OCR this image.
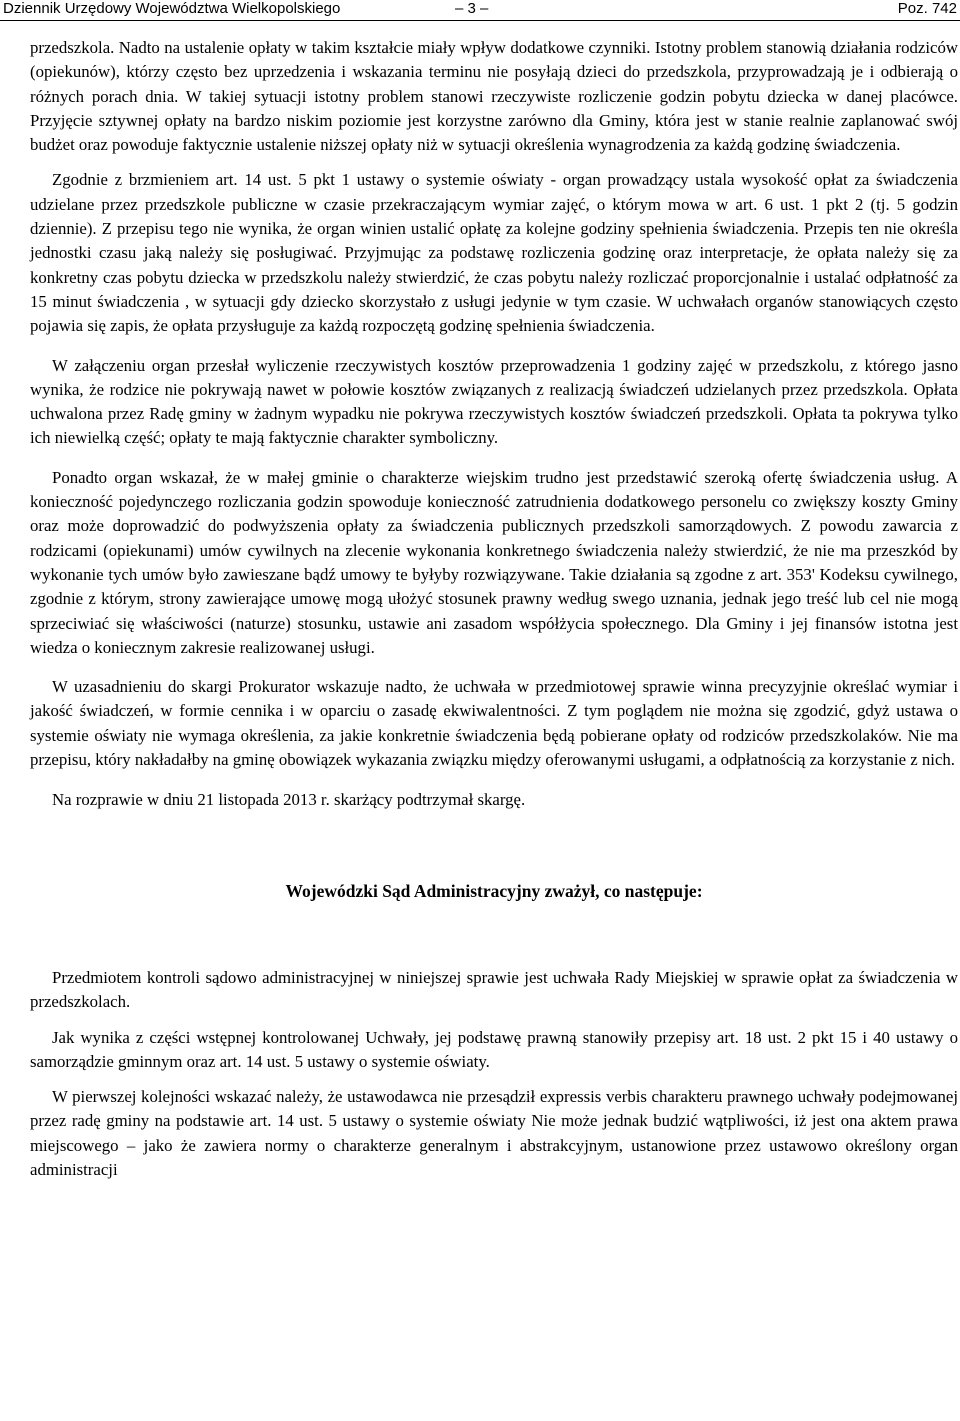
Dziennik Urzędowy Województwa Wielkopolskiego	– 3 –	Poz. 742

przedszkola. Nadto na ustalenie opłaty w takim kształcie miały wpływ dodatkowe czynniki. Istotny problem stanowią działania rodziców (opiekunów), którzy często bez uprzedzenia i wskazania terminu nie posyłają dzieci do przedszkola, przyprowadzają je i odbierają o różnych porach dnia. W takiej sytuacji istotny problem stanowi rzeczywiste rozliczenie godzin pobytu dziecka w danej placówce. Przyjęcie sztywnej opłaty na bardzo niskim poziomie jest korzystne zarówno dla Gminy, która jest w stanie realnie zaplanować swój budżet oraz powoduje faktycznie ustalenie niższej opłaty niż w sytuacji określenia wynagrodzenia za każdą godzinę świadczenia.

Zgodnie z brzmieniem art. 14 ust. 5 pkt 1 ustawy o systemie oświaty - organ prowadzący ustala wysokość opłat za świadczenia udzielane przez przedszkole publiczne w czasie przekraczającym wymiar zajęć, o którym mowa w art. 6 ust. 1 pkt 2 (tj. 5 godzin dziennie). Z przepisu tego nie wynika, że organ winien ustalić opłatę za kolejne godziny spełnienia świadczenia. Przepis ten nie określa jednostki czasu jaką należy się posługiwać. Przyjmując za podstawę rozliczenia godzinę oraz interpretacje, że opłata należy się za konkretny czas pobytu dziecka w przedszkolu należy stwierdzić, że czas pobytu należy rozliczać proporcjonalnie i ustalać odpłatność za 15 minut świadczenia , w sytuacji gdy dziecko skorzystało z usługi jedynie w tym czasie. W uchwałach organów stanowiących często pojawia się zapis, że opłata przysługuje za każdą rozpoczętą godzinę spełnienia świadczenia.

W załączeniu organ przesłał wyliczenie rzeczywistych kosztów przeprowadzenia 1 godziny zajęć w przedszkolu, z którego jasno wynika, że rodzice nie pokrywają nawet w połowie kosztów związanych z realizacją świadczeń udzielanych przez przedszkola. Opłata uchwalona przez Radę gminy w żadnym wypadku nie pokrywa rzeczywistych kosztów świadczeń przedszkoli. Opłata ta pokrywa tylko ich niewielką część; opłaty te mają faktycznie charakter symboliczny.

Ponadto organ wskazał, że w małej gminie o charakterze wiejskim trudno jest przedstawić szeroką ofertę świadczenia usług. A konieczność pojedynczego rozliczania godzin spowoduje konieczność zatrudnienia dodatkowego personelu co zwiększy koszty Gminy oraz może doprowadzić do podwyższenia opłaty za świadczenia publicznych przedszkoli samorządowych. Z powodu zawarcia z rodzicami (opiekunami) umów cywilnych na zlecenie wykonania konkretnego świadczenia należy stwierdzić, że nie ma przeszkód by wykonanie tych umów było zawieszane bądź umowy te byłyby rozwiązywane. Takie działania są zgodne z art. 353' Kodeksu cywilnego, zgodnie z którym, strony zawierające umowę mogą ułożyć stosunek prawny według swego uznania, jednak jego treść lub cel nie mogą sprzeciwiać się właściwości (naturze) stosunku, ustawie ani zasadom współżycia społecznego. Dla Gminy i jej finansów istotna jest wiedza o koniecznym zakresie realizowanej usługi.

W uzasadnieniu do skargi Prokurator wskazuje nadto, że uchwała w przedmiotowej sprawie winna precyzyjnie określać wymiar i jakość świadczeń, w formie cennika i w oparciu o zasadę ekwiwalentności. Z tym poglądem nie można się zgodzić, gdyż ustawa o systemie oświaty nie wymaga określenia, za jakie konkretnie świadczenia będą pobierane opłaty od rodziców przedszkolaków. Nie ma przepisu, który nakładałby na gminę obowiązek wykazania związku między oferowanymi usługami, a odpłatnością za korzystanie z nich.

Na rozprawie w dniu 21 listopada 2013 r. skarżący podtrzymał skargę.

Wojewódzki Sąd Administracyjny zważył, co następuje:

Przedmiotem kontroli sądowo administracyjnej w niniejszej sprawie jest uchwała Rady Miejskiej w sprawie opłat za świadczenia w przedszkolach.

Jak wynika z części wstępnej kontrolowanej Uchwały, jej podstawę prawną stanowiły przepisy art. 18 ust. 2 pkt 15 i 40 ustawy o samorządzie gminnym oraz art. 14 ust. 5 ustawy o systemie oświaty.

W pierwszej kolejności wskazać należy, że ustawodawca nie przesądził expressis verbis charakteru prawnego uchwały podejmowanej przez radę gminy na podstawie art. 14 ust. 5 ustawy o systemie oświaty Nie może jednak budzić wątpliwości, iż jest ona aktem prawa miejscowego – jako że zawiera normy o charakterze generalnym i abstrakcyjnym, ustanowione przez ustawowo określony organ administracji
